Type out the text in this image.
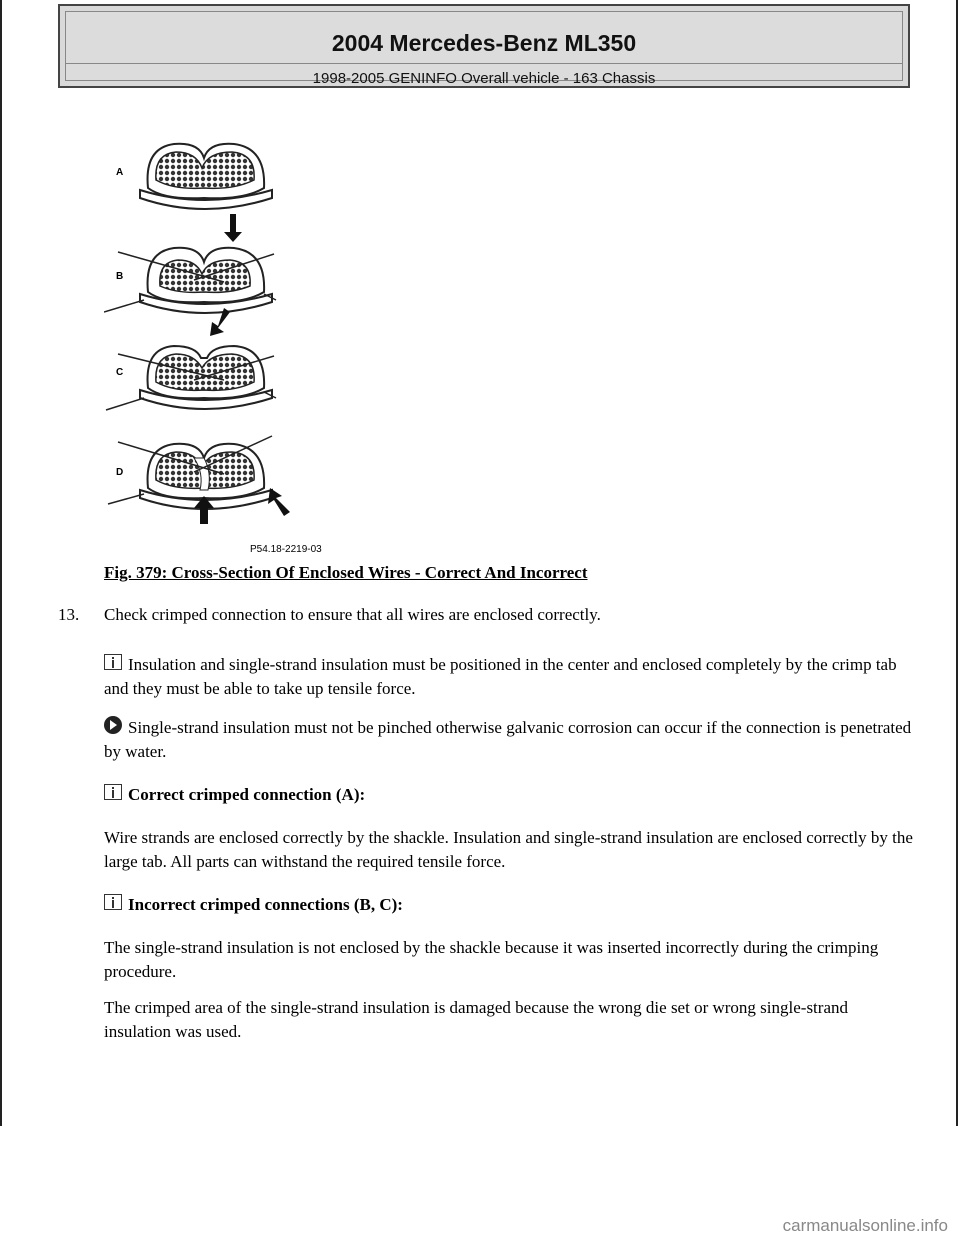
2004 Mercedes-Benz ML350
1998-2005 GENINFO Overall vehicle - 163 Chassis
A
B
C
D
P54.18-2219-03
Fig. 379: Cross-Section Of Enclosed Wires - Correct And Incorrect
13. Check crimped connection to ensure that all wires are enclosed correctly.
Insulation and single-strand insulation must be positioned in the center and enclosed completely by the crimp tab and they must be able to take up tensile force.
Single-strand insulation must not be pinched otherwise galvanic corrosion can occur if the connection is penetrated by water.
Correct crimped connection (A):
Wire strands are enclosed correctly by the shackle. Insulation and single-strand insulation are enclosed correctly by the large tab. All parts can withstand the required tensile force.
Incorrect crimped connections (B, C):
The single-strand insulation is not enclosed by the shackle because it was inserted incorrectly during the crimping procedure.
The crimped area of the single-strand insulation is damaged because the wrong die set or wrong single-strand insulation was used.
carmanualsonline.info
